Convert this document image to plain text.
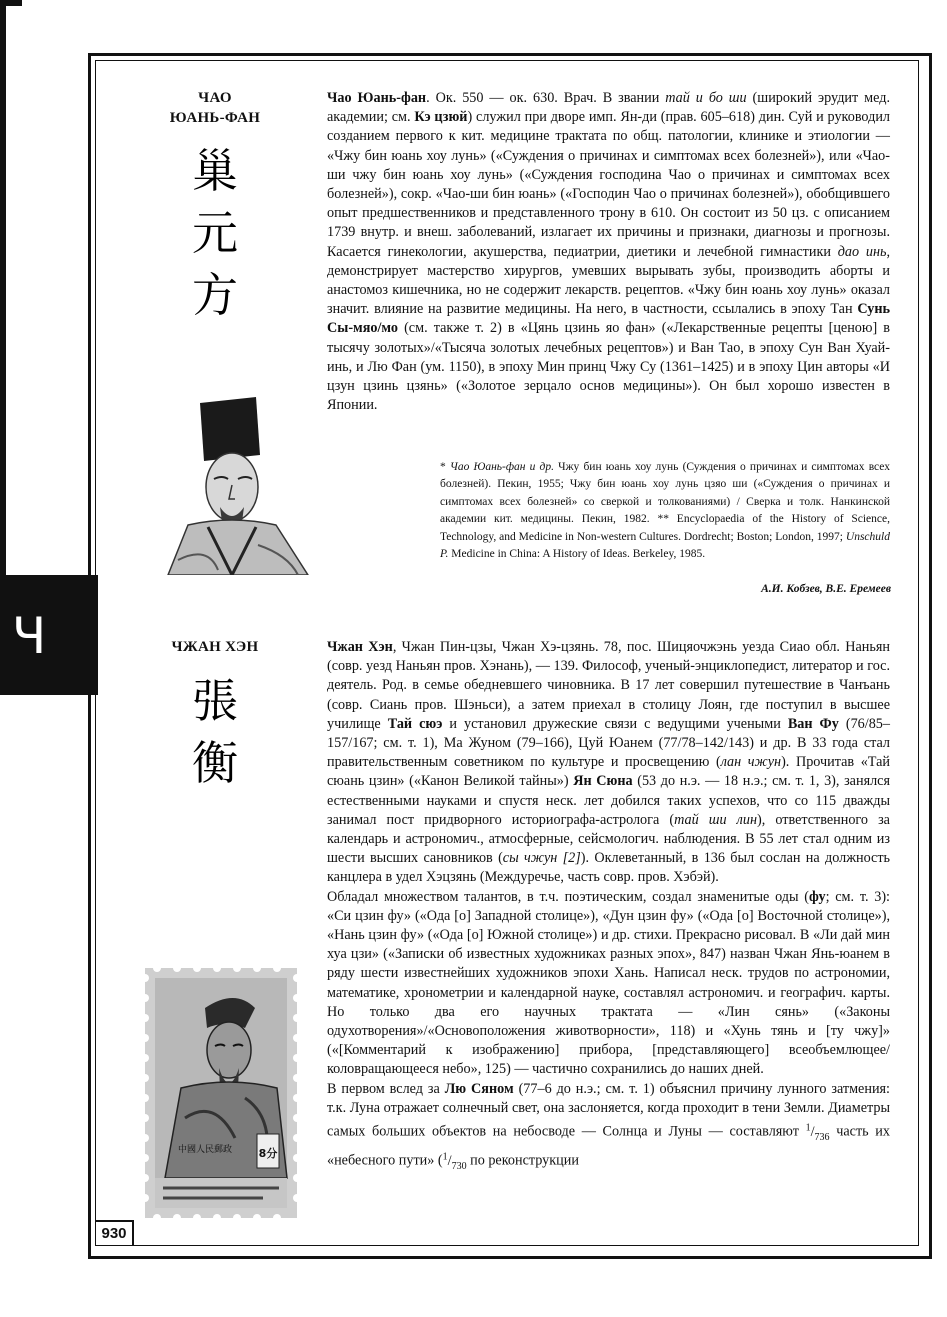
Ч
ЧАО
ЮАНЬ-ФАН
巢
元
方

Чао Юань-фан. Ок. 550 — ок. 630. Врач. В звании тай и бо ши (широкий эрудит мед. академии; см. Кэ цзюй) служил при дворе имп. Ян-ди (прав. 605–618) дин. Суй и руководил созданием первого к кит. медицине трактата по общ. патологии, клинике и этиологии — «Чжу бин юань хоу лунь» («Суждения о причинах и симптомах всех болезней»), или «Чао-ши чжу бин юань хоу лунь» («Суждения господина Чао о причинах и симптомах всех болезней»), сокр. «Чао-ши бин юань» («Господин Чао о причинах болезней»), обобщившего опыт предшественников и представленного трону в 610. Он состоит из 50 цз. с описанием 1739 внутр. и внеш. заболеваний, излагает их причины и признаки, диагнозы и прогнозы. Касается гинекологии, акушерства, педиатрии, диетики и лечебной гимнастики дао инь, демонстрирует мастерство хирургов, умевших вырывать зубы, производить аборты и анастомоз кишечника, но не содержит лекарств. рецептов. «Чжу бин юань хоу лунь» оказал значит. влияние на развитие медицины. На него, в частности, ссылались в эпоху Тан Сунь Сы-мяо/мо (см. также т. 2) в «Цянь цзинь яо фан» («Лекарственные рецепты [ценою] в тысячу золотых»/«Тысяча золотых лечебных рецептов») и Ван Тао, в эпоху Сун Ван Хуай-инь, и Лю Фан (ум. 1150), в эпоху Мин принц Чжу Су (1361–1425) и в эпоху Цин авторы «И цзун цзинь цзянь» («Золотое зерцало основ медицины»). Он был хорошо известен в Японии.

* Чао Юань-фан и др. Чжу бин юань хоу лунь (Суждения о причинах и симптомах всех болезней). Пекин, 1955; Чжу бин юань хоу лунь цзяо ши («Суждения о причинах и симптомах всех болезней» со сверкой и толкованиями) / Сверка и толк. Нанкинской академии кит. медицины. Пекин, 1982. ** Encyclopaedia of the History of Science, Technology, and Medicine in Non-western Cultures. Dordrecht; Boston; London, 1997; Unschuld P. Medicine in China: A History of Ideas. Berkeley, 1985.
А.И. Кобзев, В.Е. Еремеев
ЧЖАН ХЭН
張
衡
8分
中國人民郵政

Чжан Хэн, Чжан Пин-цзы, Чжан Хэ-цзянь. 78, пос. Шицяочжэнь уезда Сиао обл. Наньян (совр. уезд Наньян пров. Хэнань), — 139. Философ, ученый-энциклопедист, литератор и гос. деятель. Род. в семье обедневшего чиновника. В 17 лет совершил путешествие в Чанъань (совр. Сиань пров. Шэньси), а затем приехал в столицу Лоян, где поступил в высшее училище Тай сюэ и установил дружеские связи с ведущими учеными Ван Фу (76/85–157/167; см. т. 1), Ма Жуном (79–166), Цуй Юанем (77/78–142/143) и др. В 33 года стал правительственным советником по культуре и просвещению (лан чжун). Прочитав «Тай сюань цзин» («Канон Великой тайны») Ян Сюна (53 до н.э. — 18 н.э.; см. т. 1, 3), занялся естественными науками и спустя неск. лет добился таких успехов, что со 115 дважды занимал пост придворного историографа-астролога (тай ши лин), ответственного за календарь и астрономич., атмосферные, сейсмологич. наблюдения. В 55 лет стал одним из шести высших сановников (сы чжун [2]). Оклеветанный, в 136 был сослан на должность канцлера в удел Хэцзянь (Междуречье, часть совр. пров. Хэбэй).

Обладал множеством талантов, в т.ч. поэтическим, создал знаменитые оды (фу; см. т. 3): «Си цзин фу» («Ода [о] Западной столице»), «Дун цзин фу» («Ода [о] Восточной столице»), «Нань цзин фу» («Ода [о] Южной столице») и др. стихи. Прекрасно рисовал. В «Ли дай мин хуа цзи» («Записки об известных художниках разных эпох», 847) назван Чжан Янь-юанем в ряду шести известнейших художников эпохи Хань. Написал неск. трудов по астрономии, математике, хронометрии и календарной науке, составлял астрономич. и географич. карты. Но только два его научных трактата — «Лин сянь» («Законы одухотворения»/«Основоположения животворности», 118) и «Хунь тянь и [ту чжу]» («[Комментарий к изображению] прибора, [представляющего] всеобъемлющее/коловращающееся небо», 125) — частично сохранились до наших дней.

В первом вслед за Лю Сяном (77–6 до н.э.; см. т. 1) объяснил причину лунного затмения: т.к. Луна отражает солнечный свет, она заслоняется, когда проходит в тени Земли. Диаметры самых больших объектов на небосводе — Солнца и Луны — составляют $^1/_{736}$ часть их «небесного пути» ($^1/_{730}$ по реконструкции

930
